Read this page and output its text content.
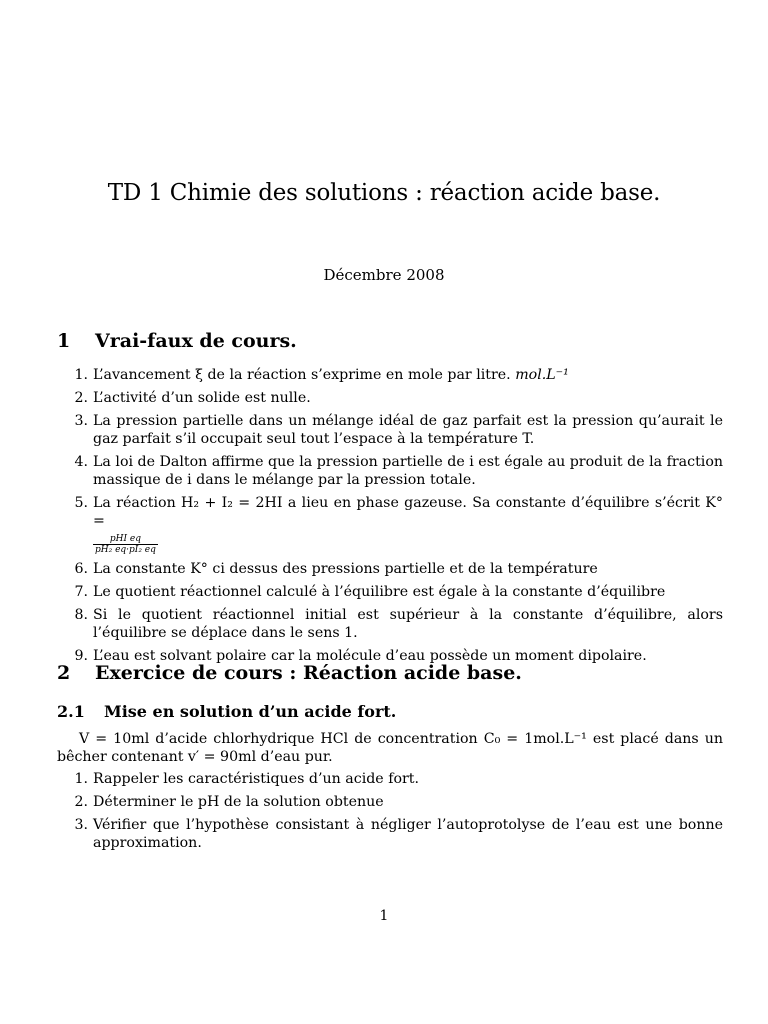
TD 1 Chimie des solutions : réaction acide base.

Décembre 2008

1 Vrai-faux de cours.
1. L’avancement ξ de la réaction s’exprime en mole par litre. mol.L⁻¹
2. L’activité d’un solide est nulle.
3. La pression partielle dans un mélange idéal de gaz parfait est la pression qu’aurait le gaz parfait s’il occupait seul tout l’espace à la température T.
4. La loi de Dalton affirme que la pression partielle de i est égale au produit de la fraction massique de i dans le mélange par la pression totale.
5. La réaction H₂ + I₂ = 2HI a lieu en phase gazeuse. Sa constante d’équilibre s’écrit K° =

$\frac{\text{pHI eq}}{\text{pH₂ eq·pI₂ eq}}$
6. La constante K° ci dessus des pressions partielle et de la température
7. Le quotient réactionnel calculé à l’équilibre est égale à la constante d’équilibre
8. Si le quotient réactionnel initial est supérieur à la constante d’équilibre, alors l’équilibre se déplace dans le sens 1.
9. L’eau est solvant polaire car la molécule d’eau possède un moment dipolaire.
2 Exercice de cours : Réaction acide base.
2.1 Mise en solution d’un acide fort.

V = 10ml d’acide chlorhydrique HCl de concentration C₀ = 1mol.L⁻¹ est placé dans un bêcher contenant v′ = 90ml d’eau pur.

1. Rappeler les caractéristiques d’un acide fort.
2. Déterminer le pH de la solution obtenue
3. Vérifier que l’hypothèse consistant à négliger l’autoprotolyse de l’eau est une bonne approximation.
1
